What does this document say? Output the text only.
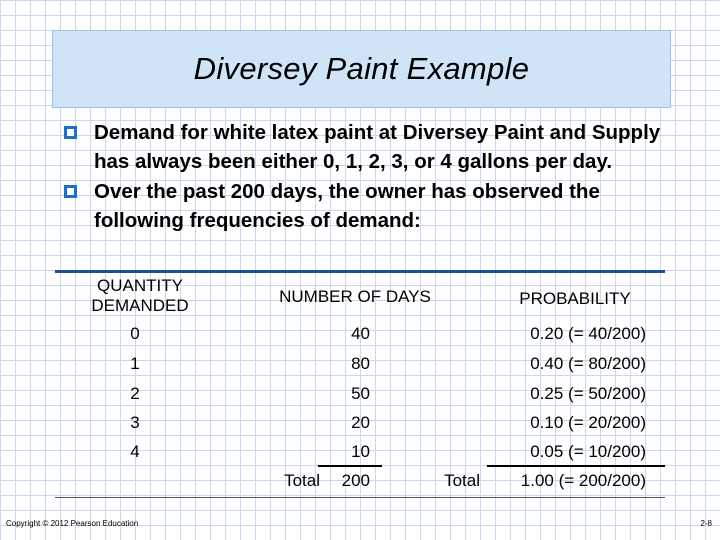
Diversey Paint Example
Demand for white latex paint at Diversey Paint and Supply has always been either 0, 1, 2, 3, or 4 gallons per day.
Over the past 200 days, the owner has observed the following frequencies of demand:
QUANTITY
DEMANDED	NUMBER OF DAYS	PROBABILITY
0	40	0.20 (= 40/200)
1	80	0.40 (= 80/200)
2	50	0.25 (= 50/200)
3	20	0.10 (= 20/200)
4	10	0.05 (= 10/200)
Total	200	Total	1.00 (= 200/200)
Copyright © 2012 Pearson Education	2-8
